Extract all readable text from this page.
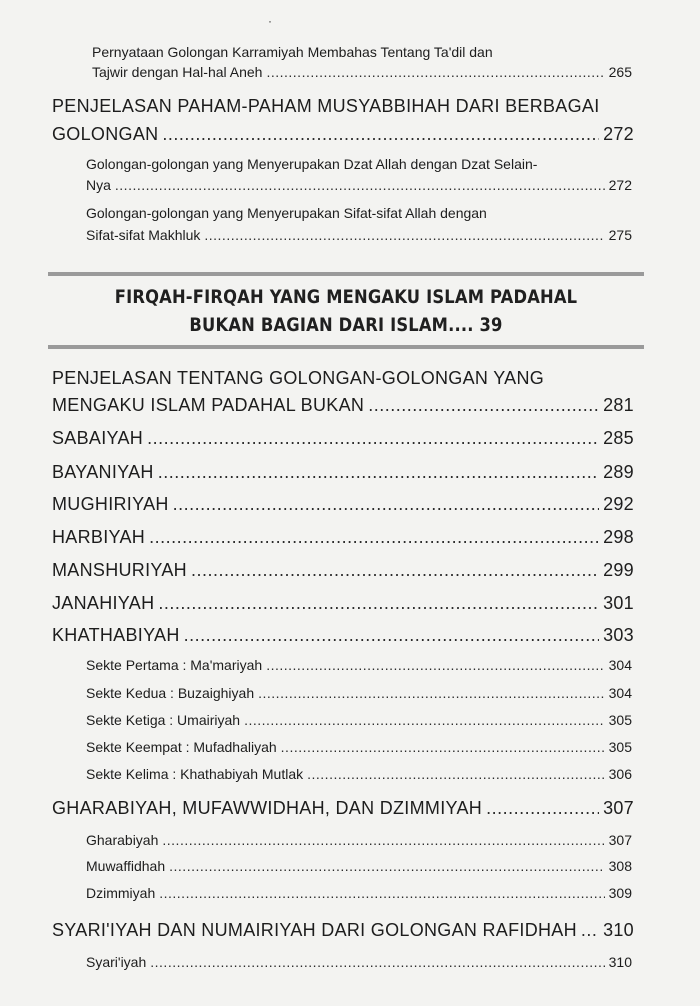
·
Pernyataan Golongan Karramiyah Membahas Tentang Ta'dil dan
Tajwir dengan Hal-hal Aneh .....	265
PENJELASAN PAHAM-PAHAM MUSYABBIHAH DARI BERBAGAI
GOLONGAN .....	272
Golongan-golongan yang Menyerupakan Dzat Allah dengan Dzat Selain-
Nya .....	272
Golongan-golongan yang Menyerupakan Sifat-sifat Allah dengan
Sifat-sifat Makhluk .....	275
FIRQAH-FIRQAH YANG MENGAKU ISLAM PADAHAL
BUKAN BAGIAN DARI ISLAM.... 39
PENJELASAN TENTANG GOLONGAN-GOLONGAN YANG
MENGAKU ISLAM PADAHAL BUKAN .....	281
SABAIYAH .....	285
BAYANIYAH .....	289
MUGHIRIYAH .....	292
HARBIYAH .....	298
MANSHURIYAH .....	299
JANAHIYAH .....	301
KHATHABIYAH .....	303
Sekte Pertama : Ma'mariyah .....	304
Sekte Kedua : Buzaighiyah .....	304
Sekte Ketiga : Umairiyah .....	305
Sekte Keempat : Mufadhaliyah .....	305
Sekte Kelima : Khathabiyah Mutlak .....	306
GHARABIYAH, MUFAWWIDHAH, DAN DZIMMIYAH .....	307
Gharabiyah .....	307
Muwaffidhah .....	308
Dzimmiyah .....	309
SYARI'IYAH DAN NUMAIRIYAH DARI GOLONGAN RAFIDHAH ..... 310
Syari'iyah .....	310
